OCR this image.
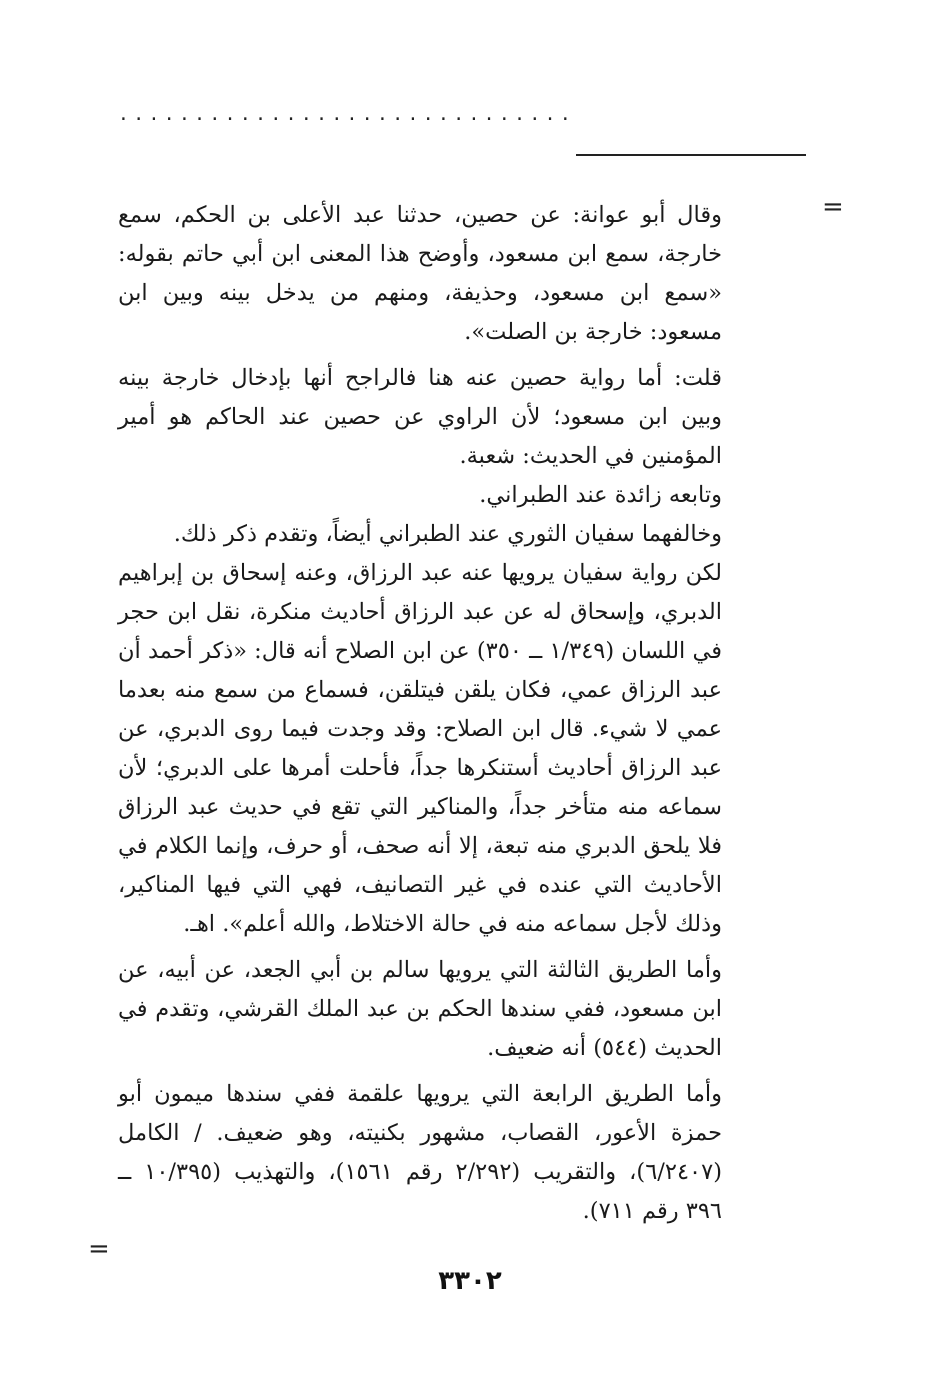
..............................
=

وقال أبو عوانة: عن حصين، حدثنا عبد الأعلى بن الحكم، سمع خارجة، سمع ابن مسعود، وأوضح هذا المعنى ابن أبي حاتم بقوله: «سمع ابن مسعود، وحذيفة، ومنهم من يدخل بينه وبين ابن مسعود: خارجة بن الصلت».

قلت: أما رواية حصين عنه هنا فالراجح أنها بإدخال خارجة بينه وبين ابن مسعود؛ لأن الراوي عن حصين عند الحاكم هو أمير المؤمنين في الحديث: شعبة.

وتابعه زائدة عند الطبراني.

وخالفهما سفيان الثوري عند الطبراني أيضاً، وتقدم ذكر ذلك.

لكن رواية سفيان يرويها عنه عبد الرزاق، وعنه إسحاق بن إبراهيم الدبري، وإسحاق له عن عبد الرزاق أحاديث منكرة، نقل ابن حجر في اللسان (١/٣٤٩ ــ ٣٥٠) عن ابن الصلاح أنه قال: «ذكر أحمد أن عبد الرزاق عمي، فكان يلقن فيتلقن، فسماع من سمع منه بعدما عمي لا شيء. قال ابن الصلاح: وقد وجدت فيما روى الدبري، عن عبد الرزاق أحاديث أستنكرها جداً، فأحلت أمرها على الدبري؛ لأن سماعه منه متأخر جداً، والمناكير التي تقع في حديث عبد الرزاق فلا يلحق الدبري منه تبعة، إلا أنه صحف، أو حرف، وإنما الكلام في الأحاديث التي عنده في غير التصانيف، فهي التي فيها المناكير، وذلك لأجل سماعه منه في حالة الاختلاط، والله أعلم». اهـ.

وأما الطريق الثالثة التي يرويها سالم بن أبي الجعد، عن أبيه، عن ابن مسعود، ففي سندها الحكم بن عبد الملك القرشي، وتقدم في الحديث (٥٤٤) أنه ضعيف.

وأما الطريق الرابعة التي يرويها علقمة ففي سندها ميمون أبو حمزة الأعور، القصاب، مشهور بكنيته، وهو ضعيف. / الكامل (٦/٢٤٠٧)، والتقريب (٢/٢٩٢ رقم ١٥٦١)، والتهذيب (١٠/٣٩٥ ــ ٣٩٦ رقم ٧١١).

=
٣٣٠٢
